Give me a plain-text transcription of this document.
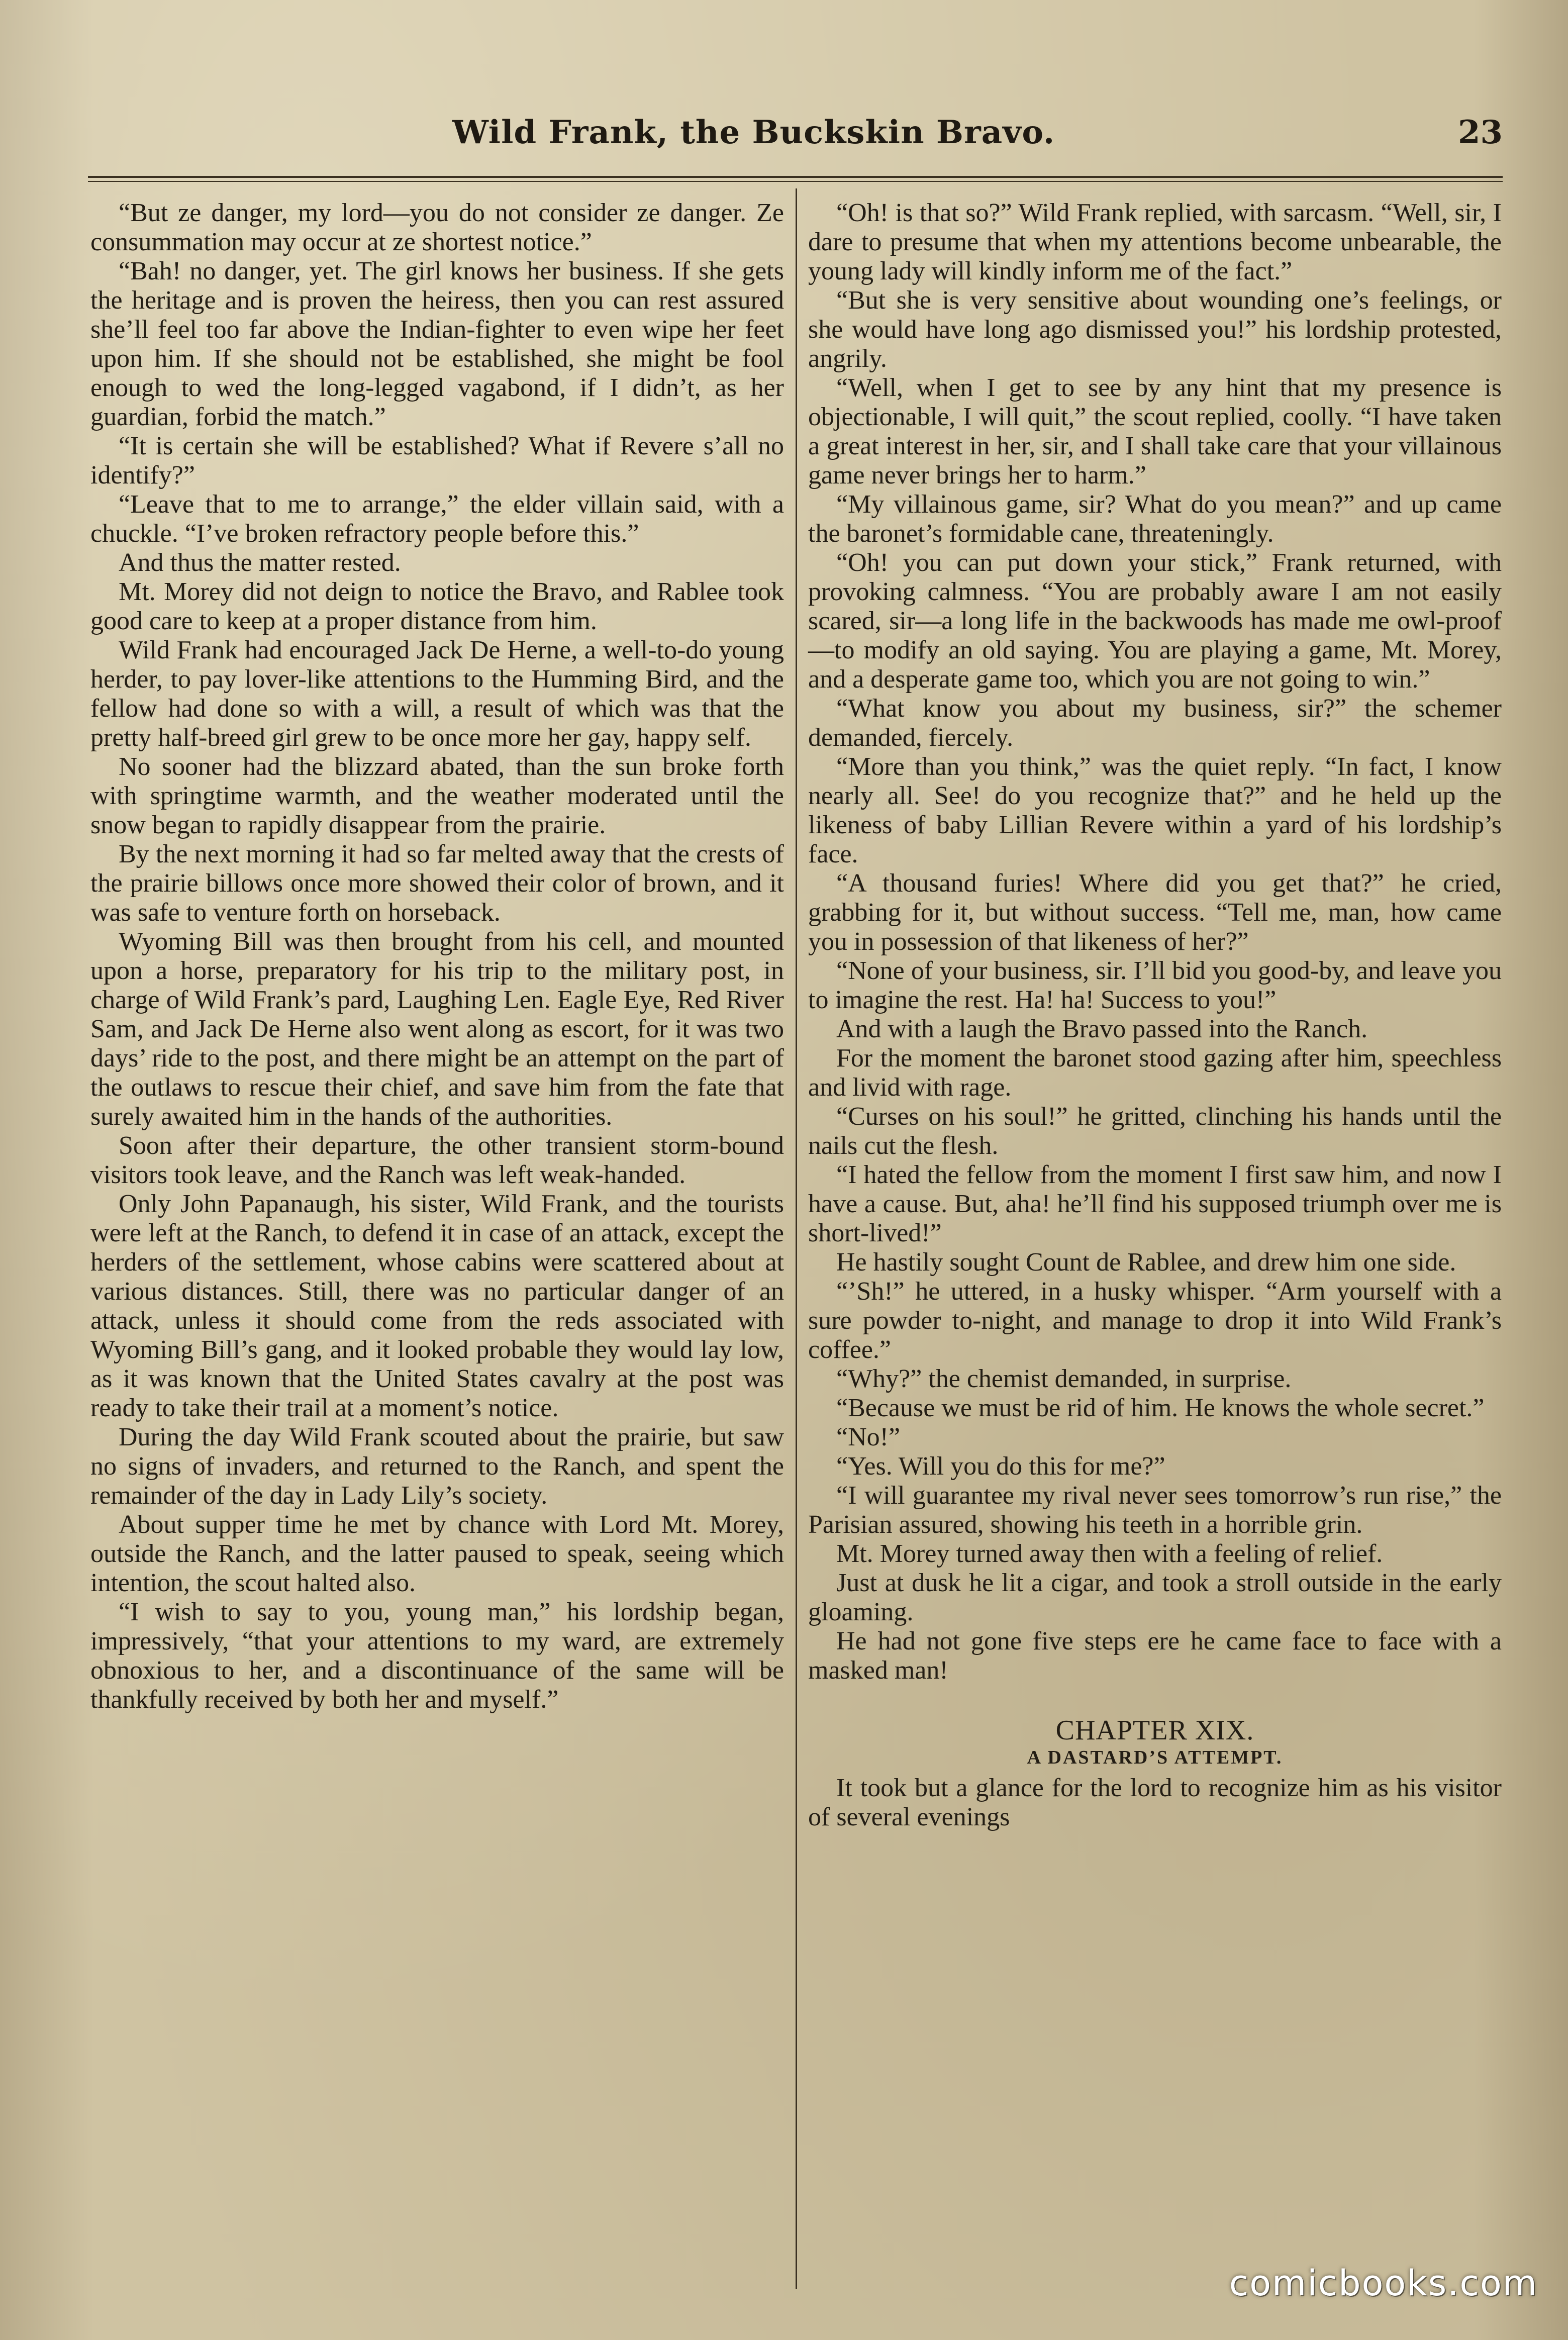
Wild Frank, the Buckskin Bravo.	23

“But ze danger, my lord—you do not consider ze danger. Ze consummation may occur at ze shortest notice.”

“Bah! no danger, yet. The girl knows her business. If she gets the heritage and is proven the heiress, then you can rest assured she’ll feel too far above the Indian-fighter to even wipe her feet upon him. If she should not be established, she might be fool enough to wed the long-legged vagabond, if I didn’t, as her guardian, forbid the match.”

“It is certain she will be established? What if Revere s’all no identify?”

“Leave that to me to arrange,” the elder villain said, with a chuckle. “I’ve broken refractory people before this.”

And thus the matter rested.

Mt. Morey did not deign to notice the Bravo, and Rablee took good care to keep at a proper distance from him.

Wild Frank had encouraged Jack De Herne, a well-to-do young herder, to pay lover-like attentions to the Humming Bird, and the fellow had done so with a will, a result of which was that the pretty half-breed girl grew to be once more her gay, happy self.

No sooner had the blizzard abated, than the sun broke forth with springtime warmth, and the weather moderated until the snow began to rapidly disappear from the prairie.

By the next morning it had so far melted away that the crests of the prairie billows once more showed their color of brown, and it was safe to venture forth on horseback.

Wyoming Bill was then brought from his cell, and mounted upon a horse, preparatory for his trip to the military post, in charge of Wild Frank’s pard, Laughing Len. Eagle Eye, Red River Sam, and Jack De Herne also went along as escort, for it was two days’ ride to the post, and there might be an attempt on the part of the outlaws to rescue their chief, and save him from the fate that surely awaited him in the hands of the authorities.

Soon after their departure, the other transient storm-bound visitors took leave, and the Ranch was left weak-handed.

Only John Papanaugh, his sister, Wild Frank, and the tourists were left at the Ranch, to defend it in case of an attack, except the herders of the settlement, whose cabins were scattered about at various distances. Still, there was no particular danger of an attack, unless it should come from the reds associated with Wyoming Bill’s gang, and it looked probable they would lay low, as it was known that the United States cavalry at the post was ready to take their trail at a moment’s notice.

During the day Wild Frank scouted about the prairie, but saw no signs of invaders, and returned to the Ranch, and spent the remainder of the day in Lady Lily’s society.

About supper time he met by chance with Lord Mt. Morey, outside the Ranch, and the latter paused to speak, seeing which intention, the scout halted also.

“I wish to say to you, young man,” his lordship began, impressively, “that your attentions to my ward, are extremely obnoxious to her, and a discontinuance of the same will be thankfully received by both her and myself.”

“Oh! is that so?” Wild Frank replied, with sarcasm. “Well, sir, I dare to presume that when my attentions become unbearable, the young lady will kindly inform me of the fact.”

“But she is very sensitive about wounding one’s feelings, or she would have long ago dismissed you!” his lordship protested, angrily.

“Well, when I get to see by any hint that my presence is objectionable, I will quit,” the scout replied, coolly. “I have taken a great interest in her, sir, and I shall take care that your villainous game never brings her to harm.”

“My villainous game, sir? What do you mean?” and up came the baronet’s formidable cane, threateningly.

“Oh! you can put down your stick,” Frank returned, with provoking calmness. “You are probably aware I am not easily scared, sir—a long life in the backwoods has made me owl-proof—to modify an old saying. You are playing a game, Mt. Morey, and a desperate game too, which you are not going to win.”

“What know you about my business, sir?” the schemer demanded, fiercely.

“More than you think,” was the quiet reply. “In fact, I know nearly all. See! do you recognize that?” and he held up the likeness of baby Lillian Revere within a yard of his lordship’s face.

“A thousand furies! Where did you get that?” he cried, grabbing for it, but without success. “Tell me, man, how came you in possession of that likeness of her?”

“None of your business, sir. I’ll bid you good-by, and leave you to imagine the rest. Ha! ha! Success to you!”

And with a laugh the Bravo passed into the Ranch.

For the moment the baronet stood gazing after him, speechless and livid with rage.

“Curses on his soul!” he gritted, clinching his hands until the nails cut the flesh.

“I hated the fellow from the moment I first saw him, and now I have a cause. But, aha! he’ll find his supposed triumph over me is short-lived!”

He hastily sought Count de Rablee, and drew him one side.

“’Sh!” he uttered, in a husky whisper. “Arm yourself with a sure powder to-night, and manage to drop it into Wild Frank’s coffee.”

“Why?” the chemist demanded, in surprise.

“Because we must be rid of him. He knows the whole secret.”

“No!”

“Yes. Will you do this for me?”

“I will guarantee my rival never sees tomorrow’s run rise,” the Parisian assured, showing his teeth in a horrible grin.

Mt. Morey turned away then with a feeling of relief.

Just at dusk he lit a cigar, and took a stroll outside in the early gloaming.

He had not gone five steps ere he came face to face with a masked man!

CHAPTER XIX.
A DASTARD’S ATTEMPT.

It took but a glance for the lord to recognize him as his visitor of several evenings

comicbooks.com
